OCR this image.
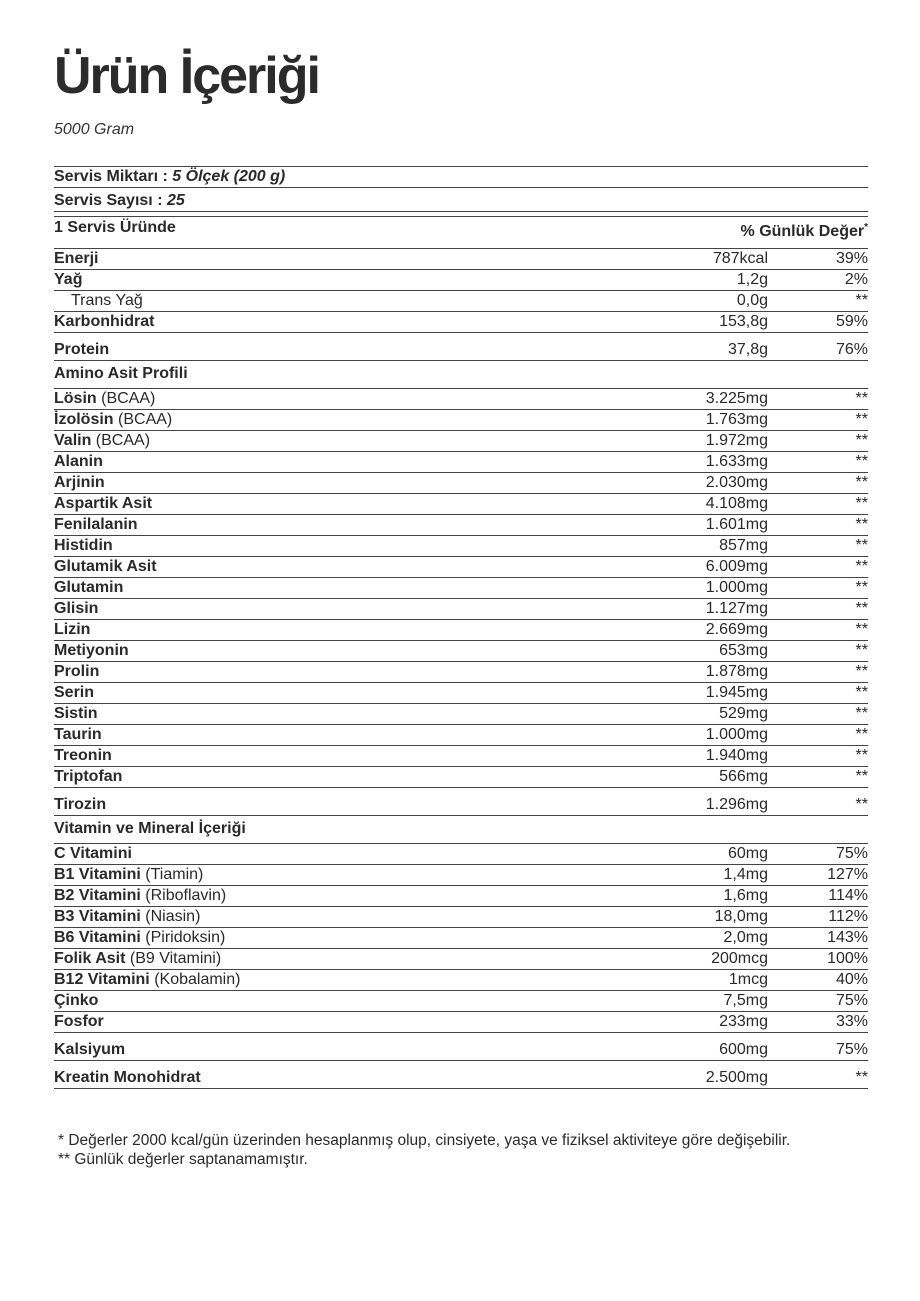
Ürün İçeriği
5000 Gram
Servis Miktarı : 5 Ölçek (200 g)
Servis Sayısı : 25
1 Servis Üründe	% Günlük Değer*
Enerji	787kcal	39%
Yağ	1,2g	2%
Trans Yağ	0,0g	**
Karbonhidrat	153,8g	59%
Protein	37,8g	76%
Amino Asit Profili
Lösin (BCAA)	3.225mg	**
İzolösin (BCAA)	1.763mg	**
Valin (BCAA)	1.972mg	**
Alanin	1.633mg	**
Arjinin	2.030mg	**
Aspartik Asit	4.108mg	**
Fenilalanin	1.601mg	**
Histidin	857mg	**
Glutamik Asit	6.009mg	**
Glutamin	1.000mg	**
Glisin	1.127mg	**
Lizin	2.669mg	**
Metiyonin	653mg	**
Prolin	1.878mg	**
Serin	1.945mg	**
Sistin	529mg	**
Taurin	1.000mg	**
Treonin	1.940mg	**
Triptofan	566mg	**
Tirozin	1.296mg	**
Vitamin ve Mineral İçeriği
C Vitamini	60mg	75%
B1 Vitamini (Tiamin)	1,4mg	127%
B2 Vitamini (Riboflavin)	1,6mg	114%
B3 Vitamini (Niasin)	18,0mg	112%
B6 Vitamini (Piridoksin)	2,0mg	143%
Folik Asit (B9 Vitamini)	200mcg	100%
B12 Vitamini (Kobalamin)	1mcg	40%
Çinko	7,5mg	75%
Fosfor	233mg	33%
Kalsiyum	600mg	75%
Kreatin Monohidrat	2.500mg	**
* Değerler 2000 kcal/gün üzerinden hesaplanmış olup, cinsiyete, yaşa ve fiziksel aktiviteye göre değişebilir.
** Günlük değerler saptanamamıştır.
